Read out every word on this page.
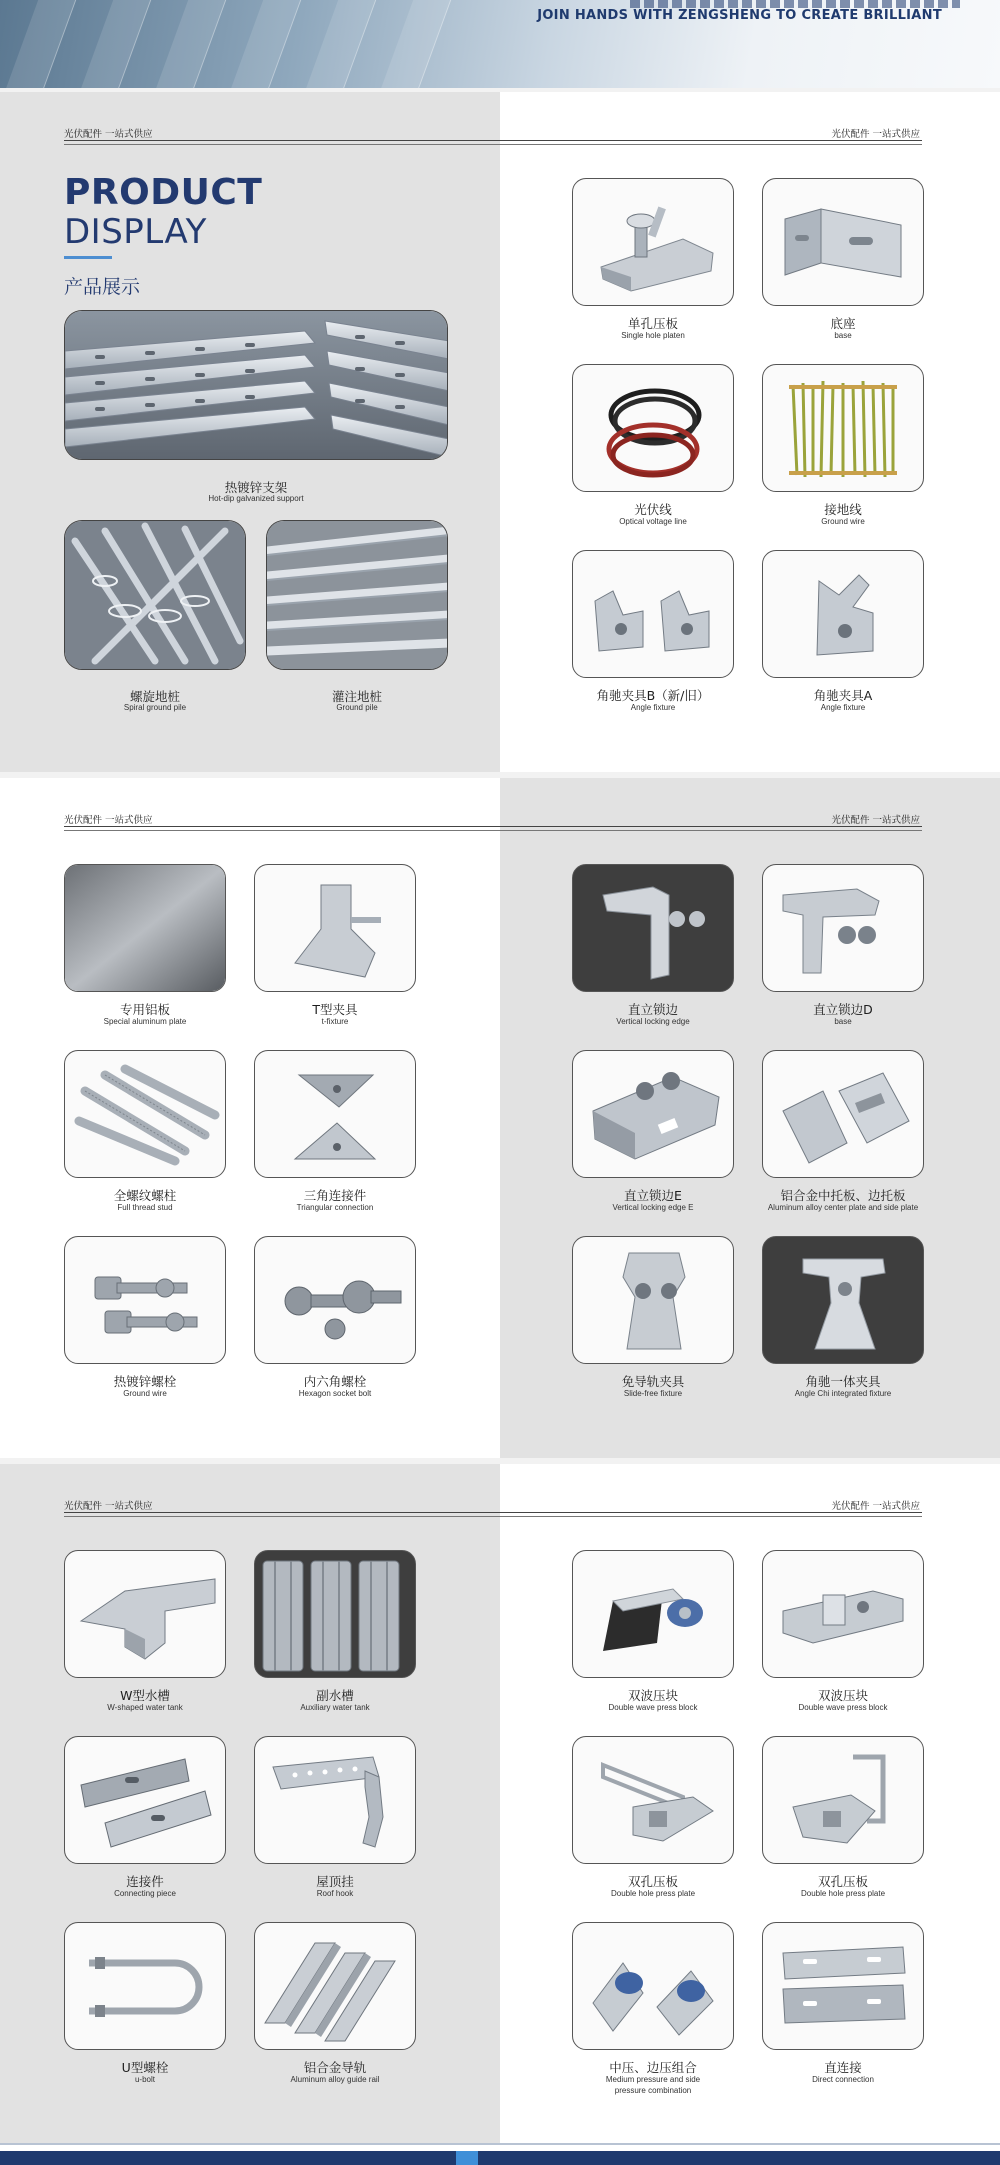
JOIN HANDS WITH ZENGSHENG TO CREATE BRILLIANT
光伏配件 一站式供应	光伏配件 一站式供应
PRODUCT
DISPLAY
产品展示
热镀锌支架
Hot-dip galvanized support
螺旋地桩
Spiral ground pile
灌注地桩
Ground pile
单孔压板
Single hole platen
底座
base
光伏线
Optical voltage line
接地线
Ground wire
角驰夹具B（新/旧）
Angle fixture
角驰夹具A
Angle fixture
光伏配件 一站式供应	光伏配件 一站式供应
专用铝板
Special aluminum plate
T型夹具
t-fixture
全螺纹螺柱
Full thread stud
三角连接件
Triangular connection
热镀锌螺栓
Ground wire
内六角螺栓
Hexagon socket bolt
直立锁边
Vertical locking edge
直立锁边D
base
直立锁边E
Vertical locking edge E
铝合金中托板、边托板
Aluminum alloy center plate and side plate
免导轨夹具
Slide-free fixture
角驰一体夹具
Angle Chi integrated fixture
光伏配件 一站式供应	光伏配件 一站式供应
W型水槽
W-shaped water tank
副水槽
Auxiliary water tank
连接件
Connecting piece
屋顶挂
Roof hook
U型螺栓
u-bolt
铝合金导轨
Aluminum alloy guide rail
双波压块
Double wave press block
双波压块
Double wave press block
双孔压板
Double hole press plate
双孔压板
Double hole press plate
中压、边压组合
Medium pressure and side pressure combination
直连接
Direct connection
